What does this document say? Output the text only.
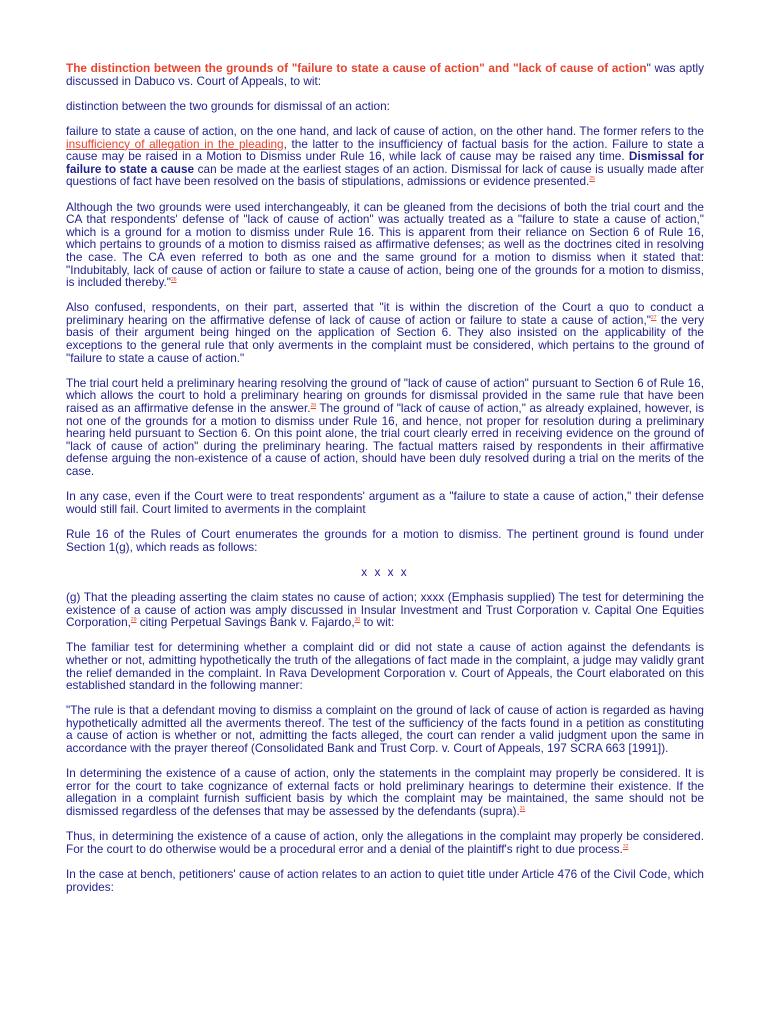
The distinction between the grounds of "failure to state a cause of action" and "lack of cause of action" was aptly discussed in Dabuco vs. Court of Appeals, to wit:

distinction between the two grounds for dismissal of an action:

failure to state a cause of action, on the one hand, and lack of cause of action, on the other hand. The former refers to the insufficiency of allegation in the pleading, the latter to the insufficiency of factual basis for the action. Failure to state a cause may be raised in a Motion to Dismiss under Rule 16, while lack of cause may be raised any time. Dismissal for failure to state a cause can be made at the earliest stages of an action. Dismissal for lack of cause is usually made after questions of fact have been resolved on the basis of stipulations, admissions or evidence presented.$^{25}$

Although the two grounds were used interchangeably, it can be gleaned from the decisions of both the trial court and the CA that respondents' defense of "lack of cause of action" was actually treated as a "failure to state a cause of action," which is a ground for a motion to dismiss under Rule 16. This is apparent from their reliance on Section 6 of Rule 16, which pertains to grounds of a motion to dismiss raised as affirmative defenses; as well as the doctrines cited in resolving the case. The CA even referred to both as one and the same ground for a motion to dismiss when it stated that: "Indubitably, lack of cause of action or failure to state a cause of action, being one of the grounds for a motion to dismiss, is included thereby."$^{26}$

Also confused, respondents, on their part, asserted that "it is within the discretion of the Court a quo to conduct a preliminary hearing on the affirmative defense of lack of cause of action or failure to state a cause of action,"$^{27}$ the very basis of their argument being hinged on the application of Section 6. They also insisted on the applicability of the exceptions to the general rule that only averments in the complaint must be considered, which pertains to the ground of "failure to state a cause of action."

The trial court held a preliminary hearing resolving the ground of "lack of cause of action" pursuant to Section 6 of Rule 16, which allows the court to hold a preliminary hearing on grounds for dismissal provided in the same rule that have been raised as an affirmative defense in the answer.$^{28}$ The ground of "lack of cause of action," as already explained, however, is not one of the grounds for a motion to dismiss under Rule 16, and hence, not proper for resolution during a preliminary hearing held pursuant to Section 6. On this point alone, the trial court clearly erred in receiving evidence on the ground of "lack of cause of action" during the preliminary hearing. The factual matters raised by respondents in their affirmative defense arguing the non-existence of a cause of action, should have been duly resolved during a trial on the merits of the case.

In any case, even if the Court were to treat respondents' argument as a "failure to state a cause of action," their defense would still fail. Court limited to averments in the complaint

Rule 16 of the Rules of Court enumerates the grounds for a motion to dismiss. The pertinent ground is found under Section 1(g), which reads as follows:

x x x x

(g) That the pleading asserting the claim states no cause of action; xxxx (Emphasis supplied) The test for determining the existence of a cause of action was amply discussed in Insular Investment and Trust Corporation v. Capital One Equities Corporation,$^{29}$ citing Perpetual Savings Bank v. Fajardo,$^{30}$ to wit:

The familiar test for determining whether a complaint did or did not state a cause of action against the defendants is whether or not, admitting hypothetically the truth of the allegations of fact made in the complaint, a judge may validly grant the relief demanded in the complaint. In Rava Development Corporation v. Court of Appeals, the Court elaborated on this established standard in the following manner:

"The rule is that a defendant moving to dismiss a complaint on the ground of lack of cause of action is regarded as having hypothetically admitted all the averments thereof. The test of the sufficiency of the facts found in a petition as constituting a cause of action is whether or not, admitting the facts alleged, the court can render a valid judgment upon the same in accordance with the prayer thereof (Consolidated Bank and Trust Corp. v. Court of Appeals, 197 SCRA 663 [1991]).

In determining the existence of a cause of action, only the statements in the complaint may properly be considered. It is error for the court to take cognizance of external facts or hold preliminary hearings to determine their existence. If the allegation in a complaint furnish sufficient basis by which the complaint may be maintained, the same should not be dismissed regardless of the defenses that may be assessed by the defendants (supra).$^{31}$

Thus, in determining the existence of a cause of action, only the allegations in the complaint may properly be considered. For the court to do otherwise would be a procedural error and a denial of the plaintiff's right to due process.$^{32}$

In the case at bench, petitioners' cause of action relates to an action to quiet title under Article 476 of the Civil Code, which provides:
